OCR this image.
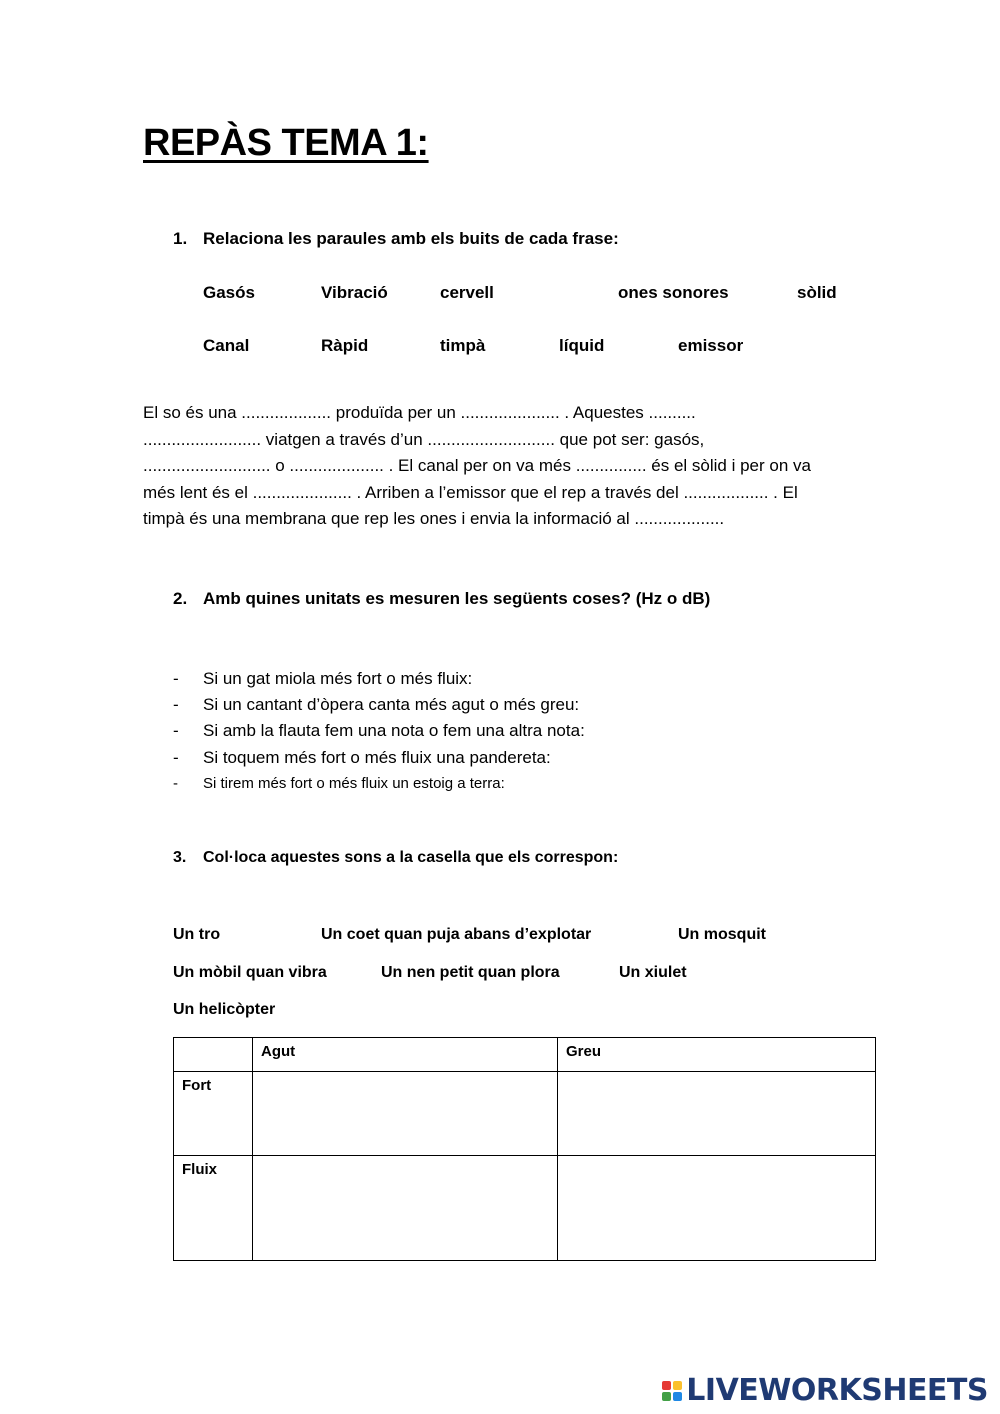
REPÀS TEMA 1:
1. Relaciona les paraules amb els buits de cada frase:
Gasós	Vibració	cervell	ones sonores	sòlid
Canal	Ràpid	timpà	líquid	emissor
El so és una ................... produïda per un ..................... . Aquestes ..........
......................... viatgen a través d’un ........................... que pot ser: gasós,
........................... o .................... . El canal per on va més ............... és el sòlid i per on va
més lent és el ..................... . Arriben a l’emissor que el rep a través del .................. . El
timpà és una membrana que rep les ones i envia la informació al ...................
2. Amb quines unitats es mesuren les següents coses? (Hz o dB)
- Si un gat miola més fort o més fluix:
- Si un cantant d’òpera canta més agut o més greu:
- Si amb la flauta fem una nota o fem una altra nota:
- Si toquem més fort o més fluix una pandereta:
- Si tirem més fort o més fluix un estoig a terra:
3. Col·loca aquestes sons a la casella que els correspon:
Un tro	Un coet quan puja abans d’explotar	Un mosquit
Un mòbil quan vibra	Un nen petit quan plora	Un xiulet
Un helicòpter
	Agut	Greu
Fort		
Fluix		
LIVEWORKSHEETS
